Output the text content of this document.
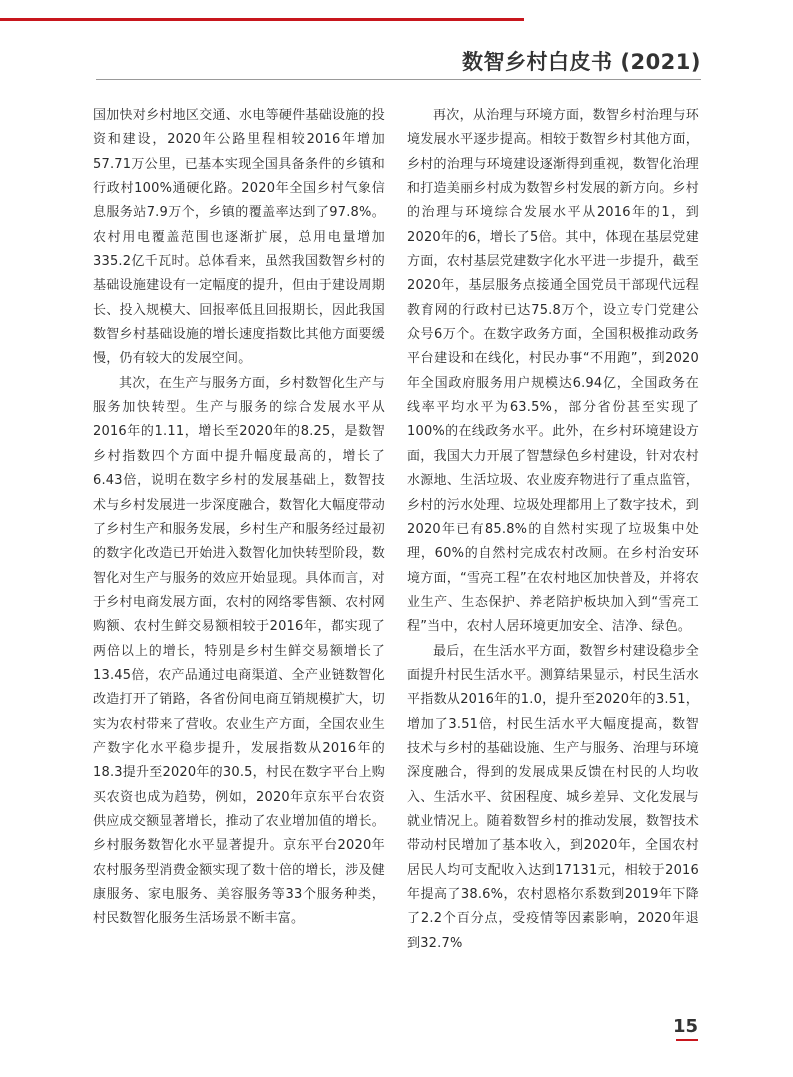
数智乡村白皮书 (2021)

国加快对乡村地区交通、水电等硬件基础设施的投资和建设，2020年公路里程相较2016年增加57.71万公里，已基本实现全国具备条件的乡镇和行政村100%通硬化路。2020年全国乡村气象信息服务站7.9万个，乡镇的覆盖率达到了97.8%。农村用电覆盖范围也逐渐扩展，总用电量增加335.2亿千瓦时。总体看来，虽然我国数智乡村的基础设施建设有一定幅度的提升，但由于建设周期长、投入规模大、回报率低且回报期长，因此我国数智乡村基础设施的增长速度指数比其他方面要缓慢，仍有较大的发展空间。

其次，在生产与服务方面，乡村数智化生产与服务加快转型。生产与服务的综合发展水平从2016年的1.11，增长至2020年的8.25，是数智乡村指数四个方面中提升幅度最高的，增长了6.43倍，说明在数字乡村的发展基础上，数智技术与乡村发展进一步深度融合，数智化大幅度带动了乡村生产和服务发展，乡村生产和服务经过最初的数字化改造已开始进入数智化加快转型阶段，数智化对生产与服务的效应开始显现。具体而言，对于乡村电商发展方面，农村的网络零售额、农村网购额、农村生鲜交易额相较于2016年，都实现了两倍以上的增长，特别是乡村生鲜交易额增长了13.45倍，农产品通过电商渠道、全产业链数智化改造打开了销路，各省份间电商互销规模扩大，切实为农村带来了营收。农业生产方面，全国农业生产数字化水平稳步提升，发展指数从2016年的18.3提升至2020年的30.5，村民在数字平台上购买农资也成为趋势，例如，2020年京东平台农资供应成交额显著增长，推动了农业增加值的增长。乡村服务数智化水平显著提升。京东平台2020年农村服务型消费金额实现了数十倍的增长，涉及健康服务、家电服务、美容服务等33个服务种类，村民数智化服务生活场景不断丰富。

再次，从治理与环境方面，数智乡村治理与环境发展水平逐步提高。相较于数智乡村其他方面，乡村的治理与环境建设逐渐得到重视，数智化治理和打造美丽乡村成为数智乡村发展的新方向。乡村的治理与环境综合发展水平从2016年的1，到2020年的6，增长了5倍。其中，体现在基层党建方面，农村基层党建数字化水平进一步提升，截至2020年，基层服务点接通全国党员干部现代远程教育网的行政村已达75.8万个，设立专门党建公众号6万个。在数字政务方面，全国积极推动政务平台建设和在线化，村民办事“不用跑”，到2020年全国政府服务用户规模达6.94亿，全国政务在线率平均水平为63.5%，部分省份甚至实现了100%的在线政务水平。此外，在乡村环境建设方面，我国大力开展了智慧绿色乡村建设，针对农村水源地、生活垃圾、农业废弃物进行了重点监管，乡村的污水处理、垃圾处理都用上了数字技术，到2020年已有85.8%的自然村实现了垃圾集中处理，60%的自然村完成农村改厕。在乡村治安环境方面，“雪亮工程”在农村地区加快普及，并将农业生产、生态保护、养老陪护板块加入到“雪亮工程”当中，农村人居环境更加安全、洁净、绿色。

最后，在生活水平方面，数智乡村建设稳步全面提升村民生活水平。测算结果显示，村民生活水平指数从2016年的1.0，提升至2020年的3.51，增加了3.51倍，村民生活水平大幅度提高，数智技术与乡村的基础设施、生产与服务、治理与环境深度融合，得到的发展成果反馈在村民的人均收入、生活水平、贫困程度、城乡差异、文化发展与就业情况上。随着数智乡村的推动发展，数智技术带动村民增加了基本收入，到2020年，全国农村居民人均可支配收入达到17131元，相较于2016年提高了38.6%，农村恩格尔系数到2019年下降了2.2个百分点，受疫情等因素影响，2020年退到32.7%

15
